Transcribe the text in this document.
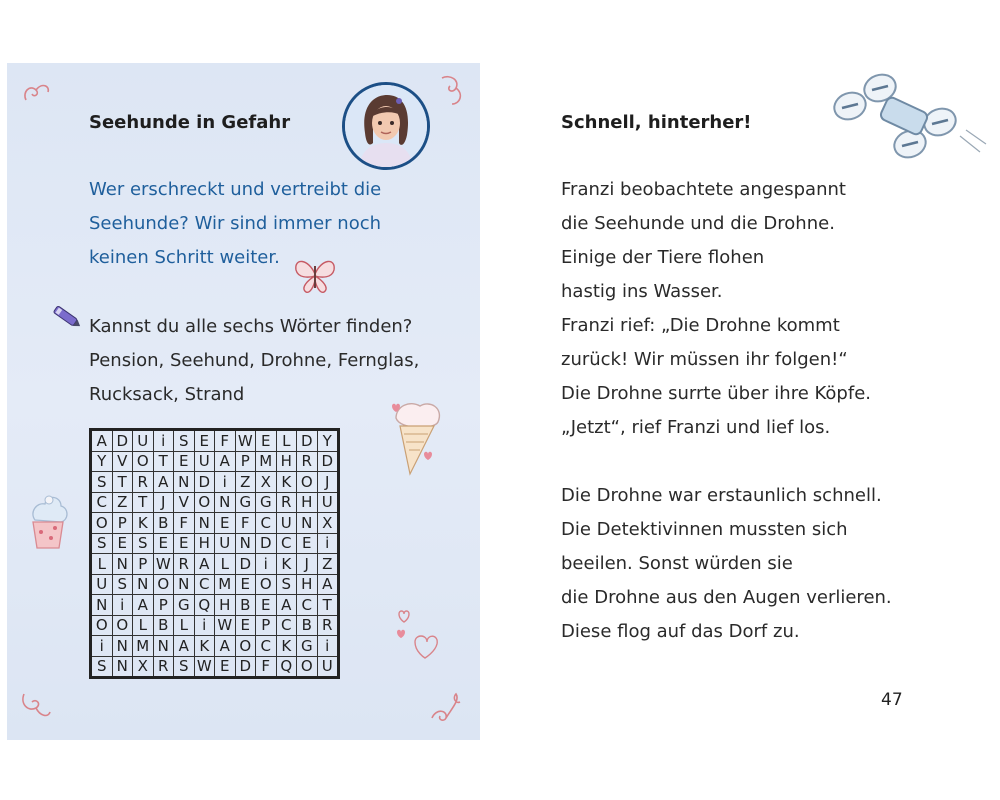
Seehunde in Gefahr
Wer erschreckt und vertreibt die
Seehunde? Wir sind immer noch
keinen Schritt weiter.
Kannst du alle sechs Wörter finden?
Pension, Seehund, Drohne, Fernglas,
Rucksack, Strand
A	D	U	i	S	E	F	W	E	L	D	Y
Y	V	O	T	E	U	A	P	M	H	R	D
S	T	R	A	N	D	i	Z	X	K	O	J
C	Z	T	J	V	O	N	G	G	R	H	U
O	P	K	B	F	N	E	F	C	U	N	X
S	E	S	E	E	H	U	N	D	C	E	i
L	N	P	W	R	A	L	D	i	K	J	Z
U	S	N	O	N	C	M	E	O	S	H	A
N	i	A	P	G	Q	H	B	E	A	C	T
O	O	L	B	L	i	W	E	P	C	B	R
i	N	M	N	A	K	A	O	C	K	G	i
S	N	X	R	S	W	E	D	F	Q	O	U
Schnell, hinterher!
Franzi beobachtete angespannt
die Seehunde und die Drohne.
Einige der Tiere flohen
hastig ins Wasser.
Franzi rief: „Die Drohne kommt
zurück! Wir müssen ihr folgen!“
Die Drohne surrte über ihre Köpfe.
„Jetzt“, rief Franzi und lief los.
Die Drohne war erstaunlich schnell.
Die Detektivinnen mussten sich
beeilen. Sonst würden sie
die Drohne aus den Augen verlieren.
Diese flog auf das Dorf zu.
47
